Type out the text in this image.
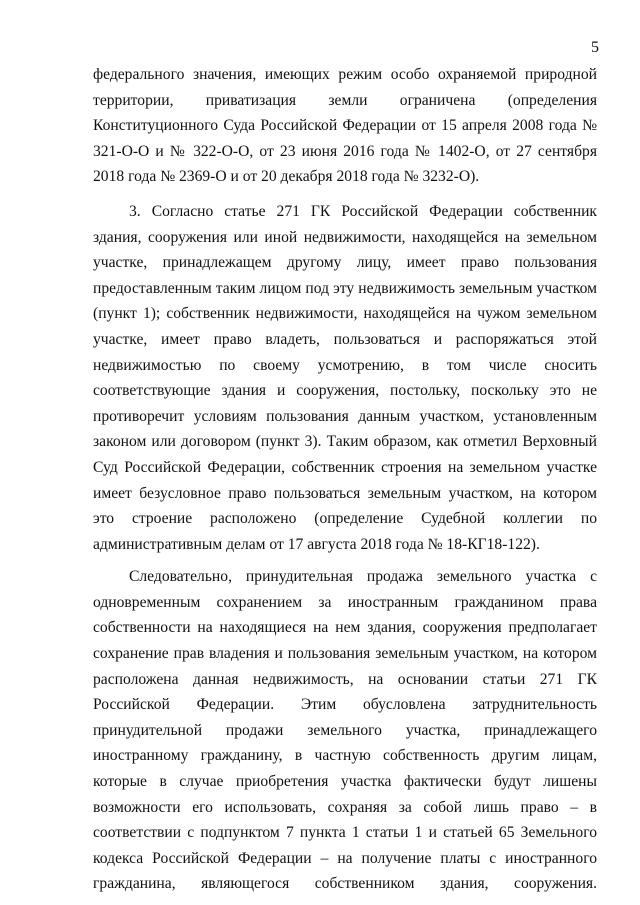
5

федерального значения, имеющих режим особо охраняемой природной территории, приватизация земли ограничена (определения Конституционного Суда Российской Федерации от 15 апреля 2008 года № 321-О-О и № 322-О-О, от 23 июня 2016 года № 1402-О, от 27 сентября 2018 года № 2369-О и от 20 декабря 2018 года № 3232-О).

3. Согласно статье 271 ГК Российской Федерации собственник здания, сооружения или иной недвижимости, находящейся на земельном участке, принадлежащем другому лицу, имеет право пользования предоставленным таким лицом под эту недвижимость земельным участком (пункт 1); собственник недвижимости, находящейся на чужом земельном участке, имеет право владеть, пользоваться и распоряжаться этой недвижимостью по своему усмотрению, в том числе сносить соответствующие здания и сооружения, постольку, поскольку это не противоречит условиям пользования данным участком, установленным законом или договором (пункт 3). Таким образом, как отметил Верховный Суд Российской Федерации, собственник строения на земельном участке имеет безусловное право пользоваться земельным участком, на котором это строение расположено (определение Судебной коллегии по административным делам от 17 августа 2018 года № 18-КГ18-122).

Следовательно, принудительная продажа земельного участка с одновременным сохранением за иностранным гражданином права собственности на находящиеся на нем здания, сооружения предполагает сохранение прав владения и пользования земельным участком, на котором расположена данная недвижимость, на основании статьи 271 ГК Российской Федерации. Этим обусловлена затруднительность принудительной продажи земельного участка, принадлежащего иностранному гражданину, в частную собственность другим лицам, которые в случае приобретения участка фактически будут лишены возможности его использовать, сохраняя за собой лишь право – в соответствии с подпунктом 7 пункта 1 статьи 1 и статьей 65 Земельного кодекса Российской Федерации – на получение платы с иностранного гражданина, являющегося собственником здания, сооружения.
